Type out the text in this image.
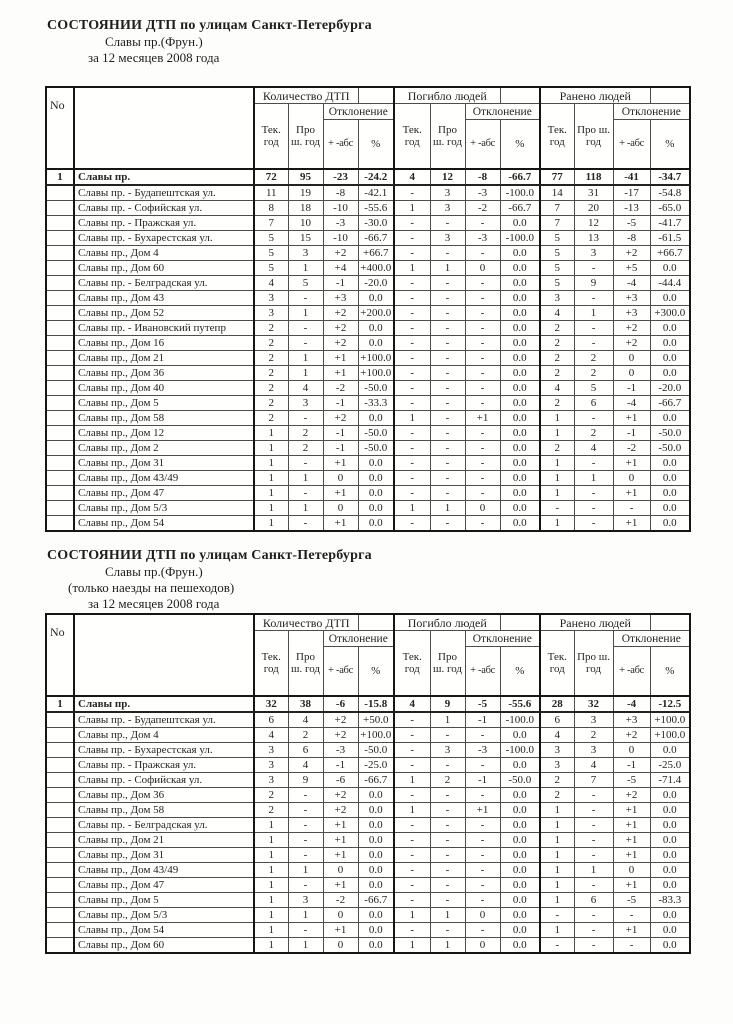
СОСТОЯНИИ ДТП по улицам Санкт-Петербурга
Славы пр.(Фрун.)
за 12 месяцев 2008 года
No		Количество ДТП				Погибло людей				Ранено людей			
		Тек. год	Про ш. год	Отклонение		Тек. год	Про ш. год	Отклонение		Тек. год	Про ш. год	Отклонение	
				+ -абс	%			+ -абс	%			+ -абс	%
1	Славы пр.	72	95	-23	-24.2	4	12	-8	-66.7	77	118	-41	-34.7
	Славы пр. - Будапештская ул.	11	19	-8	-42.1	-	3	-3	-100.0	14	31	-17	-54.8
	Славы пр. - Софийская ул.	8	18	-10	-55.6	1	3	-2	-66.7	7	20	-13	-65.0
	Славы пр. - Пражская ул.	7	10	-3	-30.0	-	-	-	0.0	7	12	-5	-41.7
	Славы пр. - Бухарестская ул.	5	15	-10	-66.7	-	3	-3	-100.0	5	13	-8	-61.5
	Славы пр., Дом 4	5	3	+2	+66.7	-	-	-	0.0	5	3	+2	+66.7
	Славы пр., Дом 60	5	1	+4	+400.0	1	1	0	0.0	5	-	+5	0.0
	Славы пр. - Белградская ул.	4	5	-1	-20.0	-	-	-	0.0	5	9	-4	-44.4
	Славы пр., Дом 43	3	-	+3	0.0	-	-	-	0.0	3	-	+3	0.0
	Славы пр., Дом 52	3	1	+2	+200.0	-	-	-	0.0	4	1	+3	+300.0
	Славы пр. - Ивановский путепр	2	-	+2	0.0	-	-	-	0.0	2	-	+2	0.0
	Славы пр., Дом 16	2	-	+2	0.0	-	-	-	0.0	2	-	+2	0.0
	Славы пр., Дом 21	2	1	+1	+100.0	-	-	-	0.0	2	2	0	0.0
	Славы пр., Дом 36	2	1	+1	+100.0	-	-	-	0.0	2	2	0	0.0
	Славы пр., Дом 40	2	4	-2	-50.0	-	-	-	0.0	4	5	-1	-20.0
	Славы пр., Дом 5	2	3	-1	-33.3	-	-	-	0.0	2	6	-4	-66.7
	Славы пр., Дом 58	2	-	+2	0.0	1	-	+1	0.0	1	-	+1	0.0
	Славы пр., Дом 12	1	2	-1	-50.0	-	-	-	0.0	1	2	-1	-50.0
	Славы пр., Дом 2	1	2	-1	-50.0	-	-	-	0.0	2	4	-2	-50.0
	Славы пр., Дом 31	1	-	+1	0.0	-	-	-	0.0	1	-	+1	0.0
	Славы пр., Дом 43/49	1	1	0	0.0	-	-	-	0.0	1	1	0	0.0
	Славы пр., Дом 47	1	-	+1	0.0	-	-	-	0.0	1	-	+1	0.0
	Славы пр., Дом 5/3	1	1	0	0.0	1	1	0	0.0	-	-	-	0.0
	Славы пр., Дом 54	1	-	+1	0.0	-	-	-	0.0	1	-	+1	0.0
СОСТОЯНИИ ДТП по улицам Санкт-Петербурга
Славы пр.(Фрун.)
(только наезды на пешеходов)
за 12 месяцев 2008 года
No		Количество ДТП				Погибло людей				Ранено людей			
		Тек. год	Про ш. год	Отклонение		Тек. год	Про ш. год	Отклонение		Тек. год	Про ш. год	Отклонение	
				+ -абс	%			+ -абс	%			+ -абс	%
1	Славы пр.	32	38	-6	-15.8	4	9	-5	-55.6	28	32	-4	-12.5
	Славы пр. - Будапештская ул.	6	4	+2	+50.0	-	1	-1	-100.0	6	3	+3	+100.0
	Славы пр., Дом 4	4	2	+2	+100.0	-	-	-	0.0	4	2	+2	+100.0
	Славы пр. - Бухарестская ул.	3	6	-3	-50.0	-	3	-3	-100.0	3	3	0	0.0
	Славы пр. - Пражская ул.	3	4	-1	-25.0	-	-	-	0.0	3	4	-1	-25.0
	Славы пр. - Софийская ул.	3	9	-6	-66.7	1	2	-1	-50.0	2	7	-5	-71.4
	Славы пр., Дом 36	2	-	+2	0.0	-	-	-	0.0	2	-	+2	0.0
	Славы пр., Дом 58	2	-	+2	0.0	1	-	+1	0.0	1	-	+1	0.0
	Славы пр. - Белградская ул.	1	-	+1	0.0	-	-	-	0.0	1	-	+1	0.0
	Славы пр., Дом 21	1	-	+1	0.0	-	-	-	0.0	1	-	+1	0.0
	Славы пр., Дом 31	1	-	+1	0.0	-	-	-	0.0	1	-	+1	0.0
	Славы пр., Дом 43/49	1	1	0	0.0	-	-	-	0.0	1	1	0	0.0
	Славы пр., Дом 47	1	-	+1	0.0	-	-	-	0.0	1	-	+1	0.0
	Славы пр., Дом 5	1	3	-2	-66.7	-	-	-	0.0	1	6	-5	-83.3
	Славы пр., Дом 5/3	1	1	0	0.0	1	1	0	0.0	-	-	-	0.0
	Славы пр., Дом 54	1	-	+1	0.0	-	-	-	0.0	1	-	+1	0.0
	Славы пр., Дом 60	1	1	0	0.0	1	1	0	0.0	-	-	-	0.0
